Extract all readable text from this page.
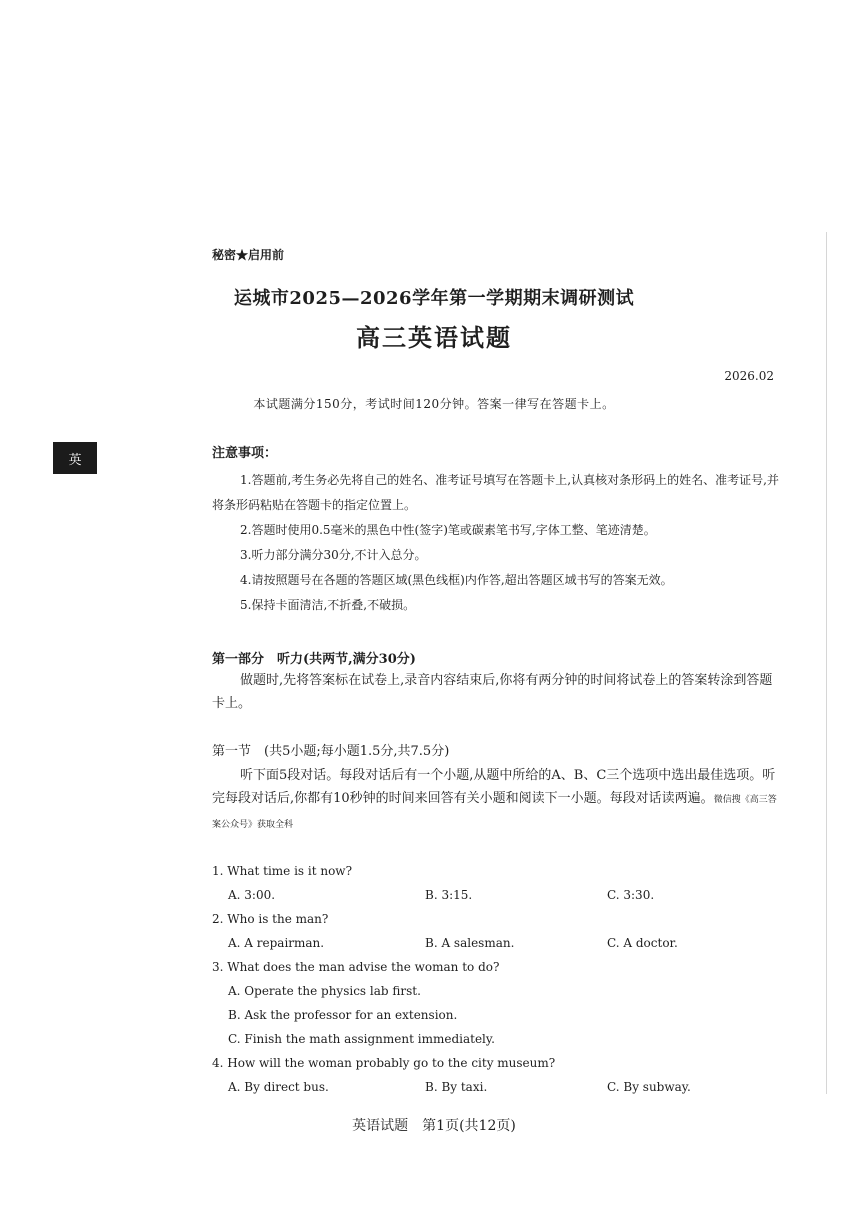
秘密★启用前
运城市2025—2026学年第一学期期末调研测试
高三英语试题
2026.02
本试题满分150分，考试时间120分钟。答案一律写在答题卡上。
英	注意事项：

1.答题前,考生务必先将自己的姓名、准考证号填写在答题卡上,认真核对条形码上的姓名、准考证号,并将条形码粘贴在答题卡的指定位置上。

2.答题时使用0.5毫米的黑色中性(签字)笔或碳素笔书写,字体工整、笔迹清楚。

3.听力部分满分30分,不计入总分。

4.请按照题号在各题的答题区域(黑色线框)内作答,超出答题区域书写的答案无效。

5.保持卡面清洁,不折叠,不破损。

第一部分　听力(共两节,满分30分)
做题时,先将答案标在试卷上,录音内容结束后,你将有两分钟的时间将试卷上的答案转涂到答题卡上。
第一节　(共5小题;每小题1.5分,共7.5分)
听下面5段对话。每段对话后有一个小题,从题中所给的A、B、C三个选项中选出最佳选项。听完每段对话后,你都有10秒钟的时间来回答有关小题和阅读下一小题。每段对话读两遍。微信搜《高三答案公众号》获取全科
1. What time is it now?
A. 3:00.	B. 3:15.	C. 3:30.
2. Who is the man?
A. A repairman.	B. A salesman.	C. A doctor.
3. What does the man advise the woman to do?
A. Operate the physics lab first.
B. Ask the professor for an extension.
C. Finish the math assignment immediately.
4. How will the woman probably go to the city museum?
A. By direct bus.	B. By taxi.	C. By subway.
英语试题　第1页(共12页)
